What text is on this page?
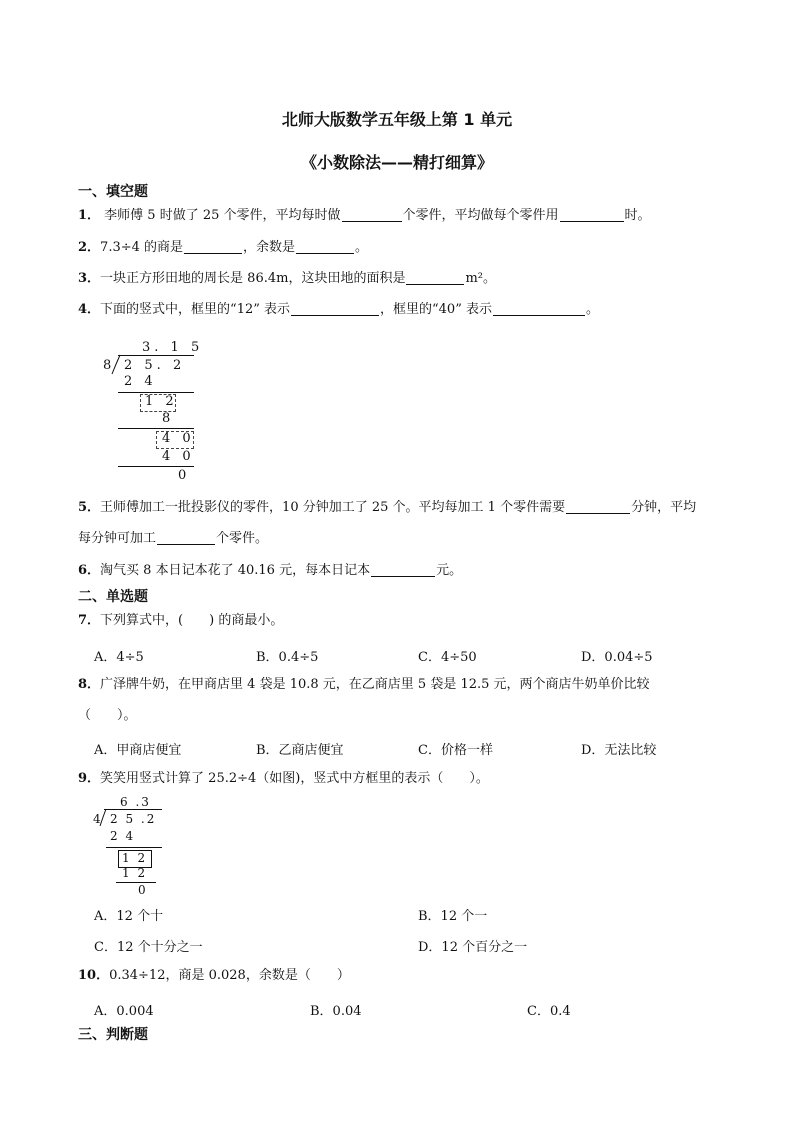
北师大版数学五年级上第 1 单元
《小数除法——精打细算》
一、填空题
1． 李师傅 5 时做了 25 个零件，平均每时做	个零件，平均做每个零件用	时。
2．7.3÷4 的商是	，余数是	。
3．一块正方形田地的周长是 86.4m，这块田地的面积是	m²。
4．下面的竖式中，框里的“12” 表示	，框里的“40” 表示	。
3. 1 5
8 2 5. 2
2 4
1 2
8
4 0
4 0
0
5．王师傅加工一批投影仪的零件，10 分钟加工了 25 个。平均每加工 1 个零件需要	分钟，平均
每分钟可加工	个零件。
6．淘气买 8 本日记本花了 40.16 元，每本日记本	元。
二、单选题
7．下列算式中，(　　) 的商最小。
A．4÷5	B．0.4÷5	C．4÷50	D．0.04÷5
8．广泽牌牛奶，在甲商店里 4 袋是 10.8 元，在乙商店里 5 袋是 12.5 元，两个商店牛奶单价比较
（　　）。
A．甲商店便宜	B．乙商店便宜	C．价格一样	D．无法比较
9．笑笑用竖式计算了 25.2÷4（如图)，竖式中方框里的表示（　　）。
6 .3
4 2 5 .2
2 4
1 2
1 2
0
A．12 个十	B．12 个一
C．12 个十分之一	D．12 个百分之一
10．0.34÷12，商是 0.028，余数是（　　）
A．0.004	B．0.04	C．0.4
三、判断题
